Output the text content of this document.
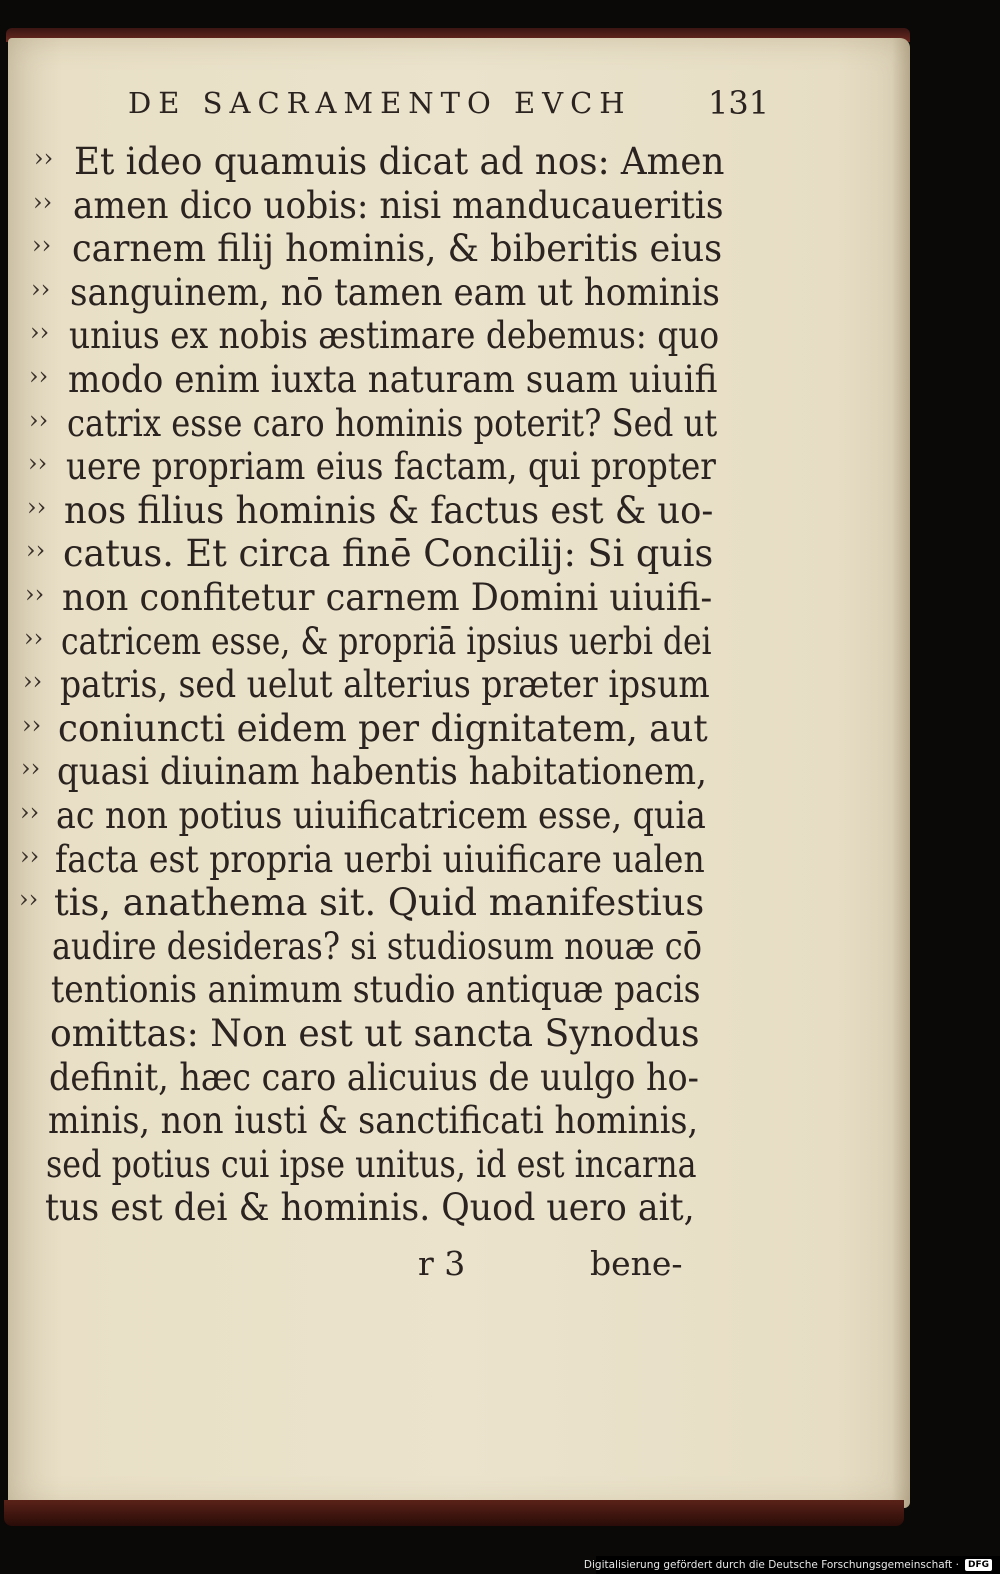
DE SACRAMENTO EVCH	131
›› Et ideo quamuis dicat ad nos: Amen
›› amen dico uobis: nisi manducaueritis
›› carnem filij hominis, & biberitis eius
›› sanguinem, nō tamen eam ut hominis
›› unius ex nobis æstimare debemus: quo
›› modo enim iuxta naturam suam uiuifi
›› catrix esse caro hominis poterit? Sed ut
›› uere propriam eius factam, qui propter
›› nos filius hominis & factus est & uo-
›› catus. Et circa finē Concilij: Si quis
›› non confitetur carnem Domini uiuifi-
›› catricem esse, & propriā ipsius uerbi dei
›› patris, sed uelut alterius præter ipsum
›› coniuncti eidem per dignitatem, aut
›› quasi diuinam habentis habitationem,
›› ac non potius uiuificatricem esse, quia
›› facta est propria uerbi uiuificare ualen
›› tis, anathema sit. Quid manifestius
audire desideras? si studiosum nouæ cō
tentionis animum studio antiquæ pacis
omittas: Non est ut sancta Synodus
definit, hæc caro alicuius de uulgo ho-
minis, non iusti & sanctificati hominis,
sed potius cui ipse unitus, id est incarna
tus est dei & hominis. Quod uero ait,
r 3	bene-
Digitalisierung gefördert durch die Deutsche Forschungsgemeinschaft ·	DFG
